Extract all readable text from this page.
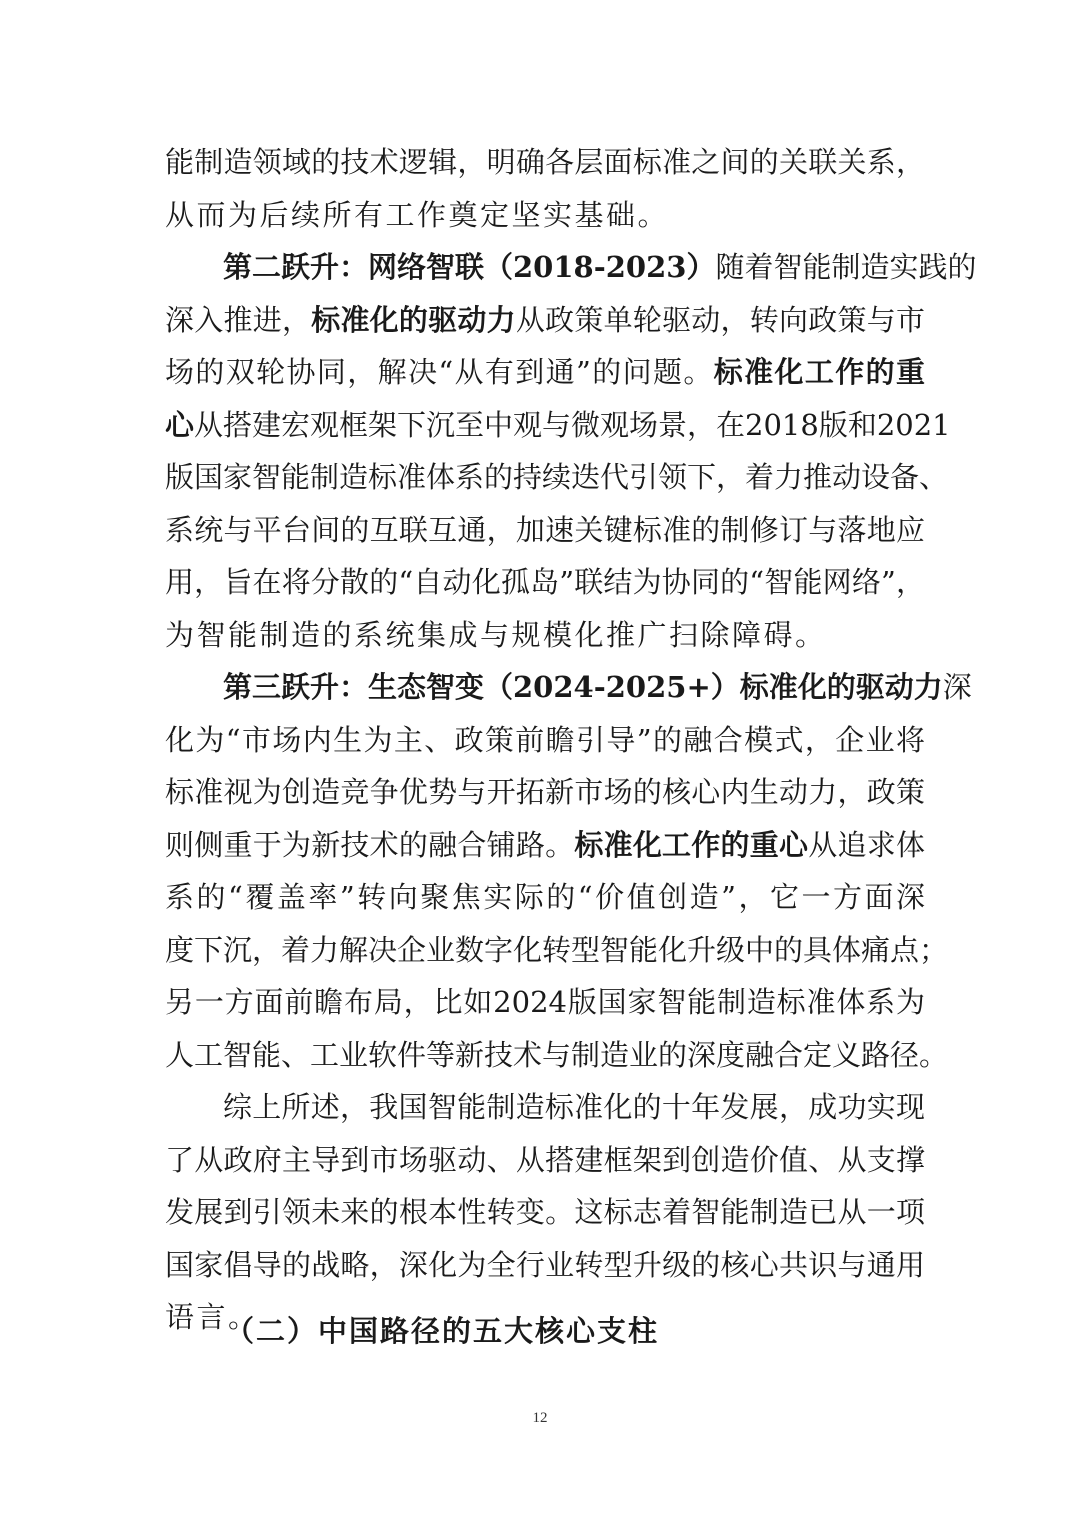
能制造领域的技术逻辑，明确各层面标准之间的关联关系，
从而为后续所有工作奠定坚实基础。
第二跃升：网络智联（2018-2023）随着智能制造实践的
深入推进，标准化的驱动力从政策单轮驱动，转向政策与市
场的双轮协同，解决“从有到通”的问题。标准化工作的重
心从搭建宏观框架下沉至中观与微观场景，在2018版和2021
版国家智能制造标准体系的持续迭代引领下，着力推动设备、
系统与平台间的互联互通，加速关键标准的制修订与落地应
用，旨在将分散的“自动化孤岛”联结为协同的“智能网络”，
为智能制造的系统集成与规模化推广扫除障碍。
第三跃升：生态智变（2024-2025+）标准化的驱动力深
化为“市场内生为主、政策前瞻引导”的融合模式，企业将
标准视为创造竞争优势与开拓新市场的核心内生动力，政策
则侧重于为新技术的融合铺路。标准化工作的重心从追求体
系的“覆盖率”转向聚焦实际的“价值创造”，它一方面深
度下沉，着力解决企业数字化转型智能化升级中的具体痛点；
另一方面前瞻布局，比如2024版国家智能制造标准体系为
人工智能、工业软件等新技术与制造业的深度融合定义路径。
综上所述，我国智能制造标准化的十年发展，成功实现
了从政府主导到市场驱动、从搭建框架到创造价值、从支撑
发展到引领未来的根本性转变。这标志着智能制造已从一项
国家倡导的战略，深化为全行业转型升级的核心共识与通用
语言。
（二）中国路径的五大核心支柱
12
